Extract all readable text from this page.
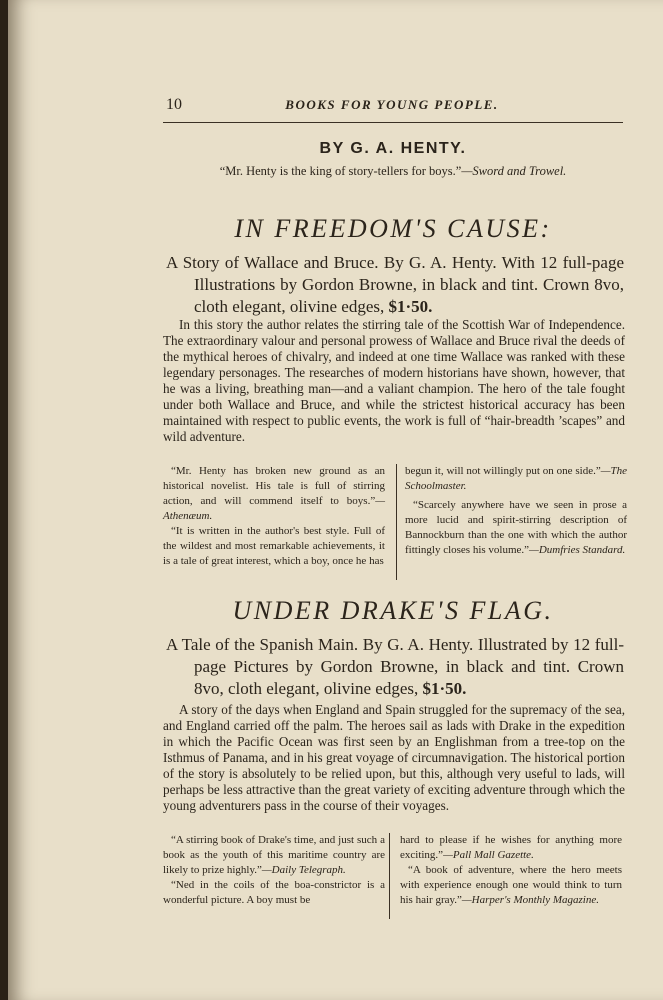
10	BOOKS FOR YOUNG PEOPLE.
BY G. A. HENTY.
“Mr. Henty is the king of story-tellers for boys.”—Sword and Trowel.
IN FREEDOM'S CAUSE:
A Story of Wallace and Bruce. By G. A. Henty. With 12 full-page Illustrations by Gordon Browne, in black and tint. Crown 8vo, cloth elegant, olivine edges, $1·50.
In this story the author relates the stirring tale of the Scottish War of Independence. The extraordinary valour and personal prowess of Wallace and Bruce rival the deeds of the mythical heroes of chivalry, and indeed at one time Wallace was ranked with these legendary personages. The researches of modern historians have shown, however, that he was a living, breathing man—and a valiant champion. The hero of the tale fought under both Wallace and Bruce, and while the strictest historical accuracy has been maintained with respect to public events, the work is full of “hair-breadth ’scapes” and wild adventure.

“Mr. Henty has broken new ground as an historical novelist. His tale is full of stirring action, and will commend itself to boys.”—Athenæum.

“It is written in the author's best style. Full of the wildest and most remarkable achievements, it is a tale of great interest, which a boy, once he has

begun it, will not willingly put on one side.”—The Schoolmaster.

“Scarcely anywhere have we seen in prose a more lucid and spirit-stirring description of Bannockburn than the one with which the author fittingly closes his volume.”—Dumfries Standard.

UNDER DRAKE'S FLAG.
A Tale of the Spanish Main. By G. A. Henty. Illustrated by 12 full-page Pictures by Gordon Browne, in black and tint. Crown 8vo, cloth elegant, olivine edges, $1·50.
A story of the days when England and Spain struggled for the supremacy of the sea, and England carried off the palm. The heroes sail as lads with Drake in the expedition in which the Pacific Ocean was first seen by an Englishman from a tree-top on the Isthmus of Panama, and in his great voyage of circumnavigation. The historical portion of the story is absolutely to be relied upon, but this, although very useful to lads, will perhaps be less attractive than the great variety of exciting adventure through which the young adventurers pass in the course of their voyages.

“A stirring book of Drake's time, and just such a book as the youth of this maritime country are likely to prize highly.”—Daily Telegraph.

“Ned in the coils of the boa-constrictor is a wonderful picture. A boy must be

hard to please if he wishes for anything more exciting.”—Pall Mall Gazette.

“A book of adventure, where the hero meets with experience enough one would think to turn his hair gray.”—Harper's Monthly Magazine.
